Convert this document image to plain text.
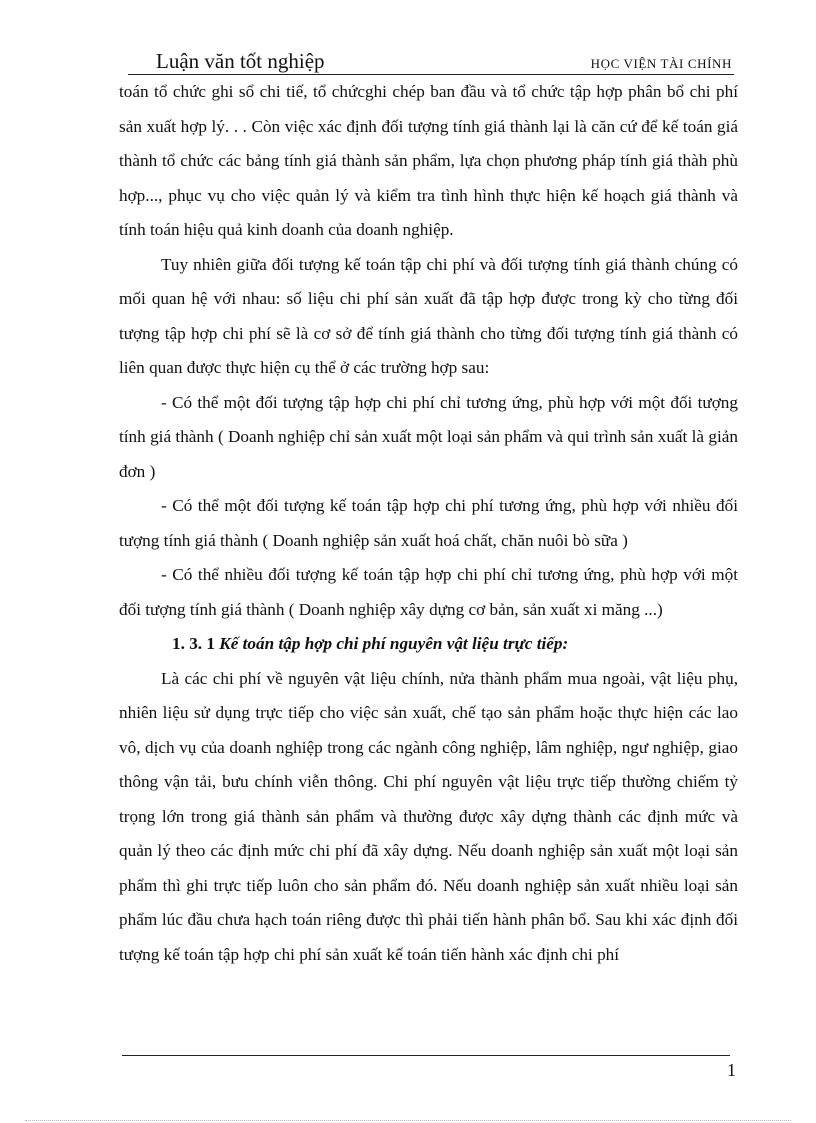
Luận văn tốt nghiệp	HỌC VIỆN TÀI CHÍNH

toán tổ chức ghi sổ chi tiế, tổ chứcghi chép ban đầu và tổ chức tập hợp phân bổ chi phí sản xuất hợp lý. . . Còn việc xác định đối tượng tính giá thành lại là căn cứ để kế toán giá thành tổ chức các bảng tính giá thành sản phẩm, lựa chọn phương pháp tính giá thàh phù hợp..., phục vụ cho việc quản lý và kiểm tra tình hình thực hiện kế hoạch giá thành và tính toán hiệu quả kinh doanh của doanh nghiệp.

Tuy nhiên giữa đối tượng kế toán tập chi phí và đối tượng tính giá thành chúng có mối quan hệ với nhau: số liệu chi phí sản xuất đã tập hợp được trong kỳ cho từng đối tượng tập hợp chi phí sẽ là cơ sở để tính giá thành cho từng đối tượng tính giá thành có liên quan được thực hiện cụ thể ở các trường hợp sau:

- Có thể một đối tượng tập hợp chi phí chỉ tương ứng, phù hợp với một đối tượng tính giá thành ( Doanh nghiệp chỉ sản xuất một loại sản phẩm và qui trình sản xuất là giản đơn )

- Có thể một đối tượng kế toán tập hợp chi phí tương ứng, phù hợp với nhiều đối tượng tính giá thành ( Doanh nghiệp sản xuất hoá chất, chăn nuôi bò sữa )

- Có thể nhiều đối tượng kế toán tập hợp chi phí chỉ tương ứng, phù hợp với một đối tượng tính giá thành ( Doanh nghiệp xây dựng cơ bản, sản xuất xi măng ...)

1. 3. 1 Kế toán tập hợp chi phí nguyên vật liệu trực tiếp:

Là các chi phí về nguyên vật liệu chính, nửa thành phẩm mua ngoài, vật liệu phụ, nhiên liệu sử dụng trực tiếp cho việc sản xuất, chế tạo sản phẩm hoặc thực hiện các lao vô, dịch vụ của doanh nghiệp trong các ngành công nghiệp, lâm nghiệp, ngư nghiệp, giao thông vận tải, bưu chính viễn thông. Chi phí nguyên vật liệu trực tiếp thường chiếm tỷ trọng lớn trong giá thành sản phẩm và thường được xây dựng thành các định mức và quản lý theo các định mức chi phí đã xây dựng. Nếu doanh nghiệp sản xuất một loại sản phẩm thì ghi trực tiếp luôn cho sản phẩm đó. Nếu doanh nghiệp sản xuất nhiều loại sản phẩm lúc đầu chưa hạch toán riêng được thì phải tiến hành phân bổ. Sau khi xác định đối tượng kế toán tập hợp chi phí sản xuất kế toán tiến hành xác định chi phí

1
